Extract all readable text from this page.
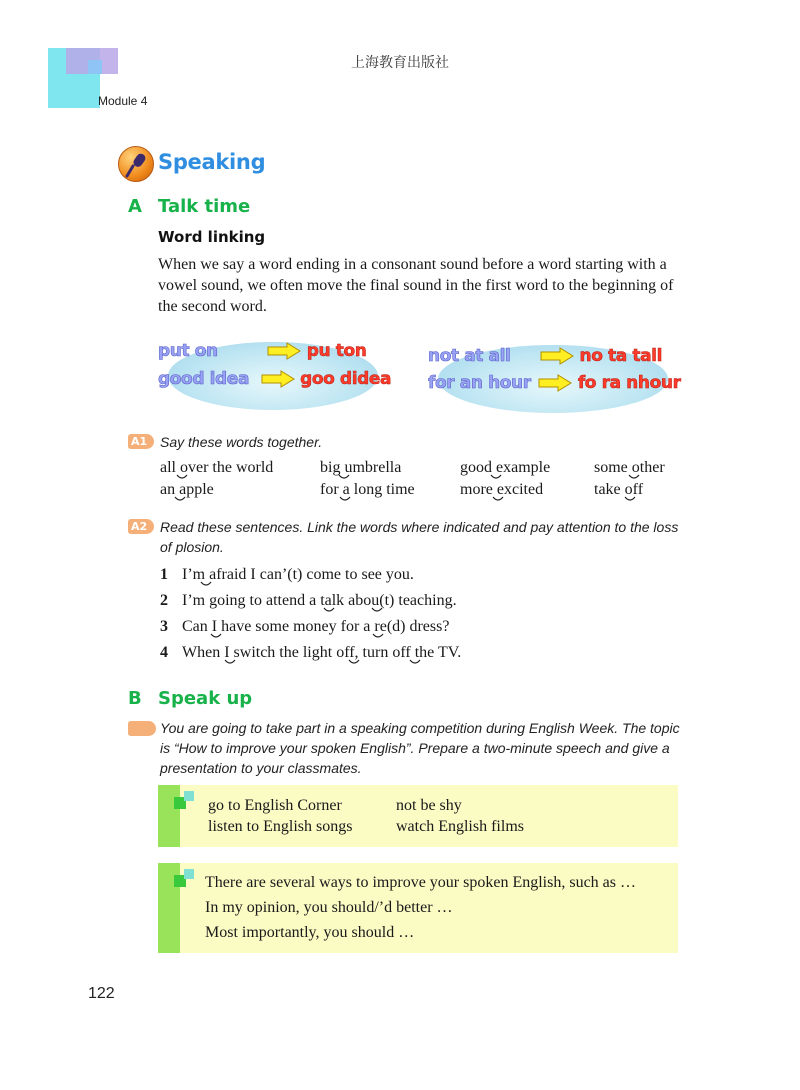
上海教育出版社
Module 4
Speaking
A Talk time
Word linking
When we say a word ending in a consonant sound before a word starting with a vowel sound, we often move the final sound in the first word to the beginning of the second word.
put on	pu ton
good idea	goo didea
not at all	no ta tall
for an hour	fo ra nhour
A1 Say these words together.
all over the world	big umbrella	good example	some other
an apple	for a long time	more excited	take off
A2 Read these sentences. Link the words where indicated and pay attention to the loss of plosion.
1 I’m afraid I can’(t) come to see you.
2 I’m going to attend a talk abou(t) teaching.
3 Can I have some money for a re(d) dress?
4 When I switch the light off, turn off the TV.
B Speak up
You are going to take part in a speaking competition during English Week. The topic is “How to improve your spoken English”. Prepare a two-minute speech and give a presentation to your classmates.
go to English Corner	not be shy
listen to English songs	watch English films
There are several ways to improve your spoken English, such as …
In my opinion, you should/’d better …
Most importantly, you should …
122
